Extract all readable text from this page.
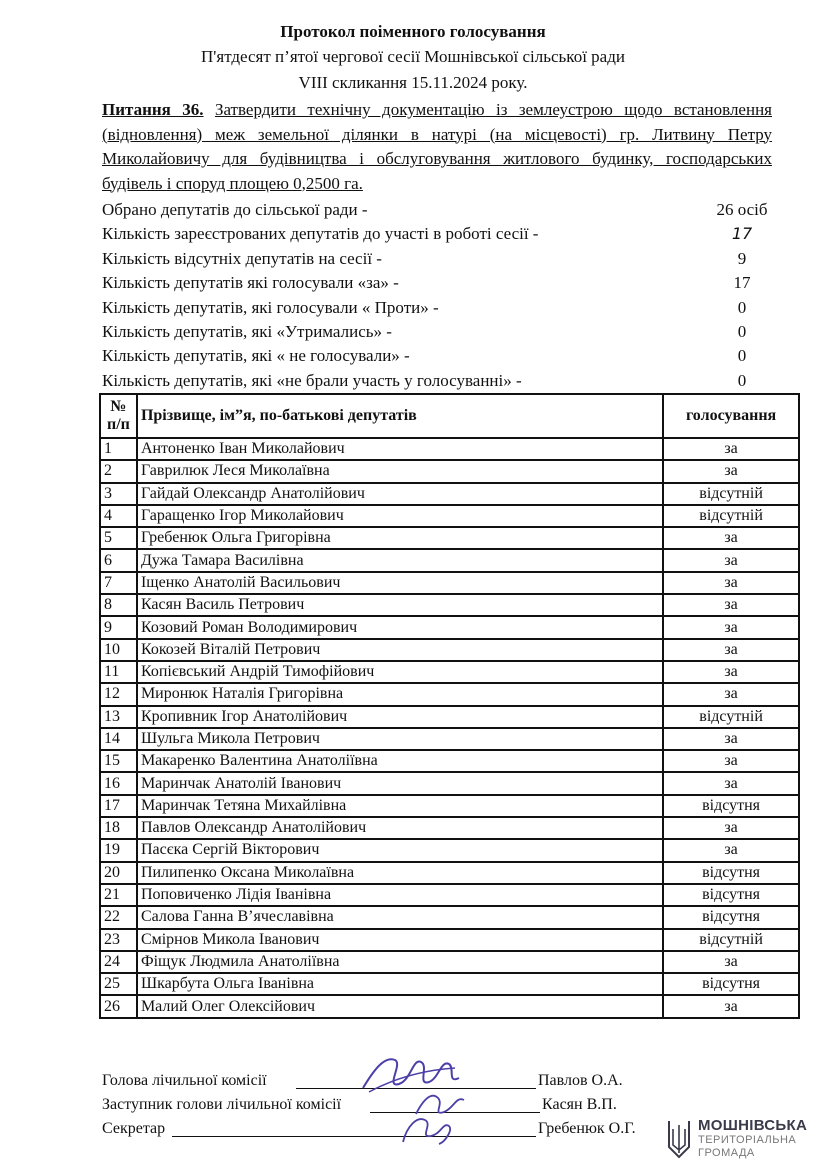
Протокол поіменного голосування
П'ятдесят п’ятої чергової сесії Мошнівської сільської ради
VIII скликання 15.11.2024 року.
Питання 36. Затвердити технічну документацію із землеустрою щодо встановлення (відновлення) меж земельної ділянки в натурі (на місцевості) гр. Литвину Петру Миколайовичу для будівництва і обслуговування житлового будинку, господарських будівель і споруд площею 0,2500 га.
Обрано депутатів до сільської ради -	26 осіб
Кількість зареєстрованих депутатів до участі в роботі сесії -	17
Кількість відсутніх депутатів на сесії -	9
Кількість депутатів які голосували «за» -	17
Кількість депутатів, які голосували « Проти» -	0
Кількість депутатів, які «Утримались» -	0
Кількість депутатів, які « не голосували» -	0
Кількість депутатів, які «не брали участь у голосуванні» -	0
№ п/п	Прізвище, ім”я, по-батькові депутатів	голосування
1	Антоненко Іван Миколайович	за
2	Гаврилюк Леся Миколаївна	за
3	Гайдай Олександр Анатолійович	відсутній
4	Гаращенко Ігор Миколайович	відсутній
5	Гребенюк Ольга Григорівна	за
6	Дужа Тамара Василівна	за
7	Іщенко Анатолій Васильович	за
8	Касян Василь Петрович	за
9	Козовий Роман Володимирович	за
10	Кокозей Віталій Петрович	за
11	Копієвський Андрій Тимофійович	за
12	Миронюк Наталія Григорівна	за
13	Кропивник Ігор Анатолійович	відсутній
14	Шульга Микола Петрович	за
15	Макаренко Валентина Анатоліївна	за
16	Маринчак Анатолій Іванович	за
17	Маринчак Тетяна Михайлівна	відсутня
18	Павлов Олександр Анатолійович	за
19	Пасєка Сергій Вікторович	за
20	Пилипенко Оксана Миколаївна	відсутня
21	Поповиченко Лідія Іванівна	відсутня
22	Салова Ганна В’ячеславівна	відсутня
23	Смірнов Микола Іванович	відсутній
24	Фіщук Людмила Анатоліївна	за
25	Шкарбута Ольга Іванівна	відсутня
26	Малий Олег Олексійович	за
Голова лічильної комісії	Павлов О.А.
Заступник голови лічильної комісії	Касян В.П.
Секретар	Гребенюк О.Г.	МОШНІВСЬКА
ТЕРИТОРІАЛЬНА
ГРОМАДА
